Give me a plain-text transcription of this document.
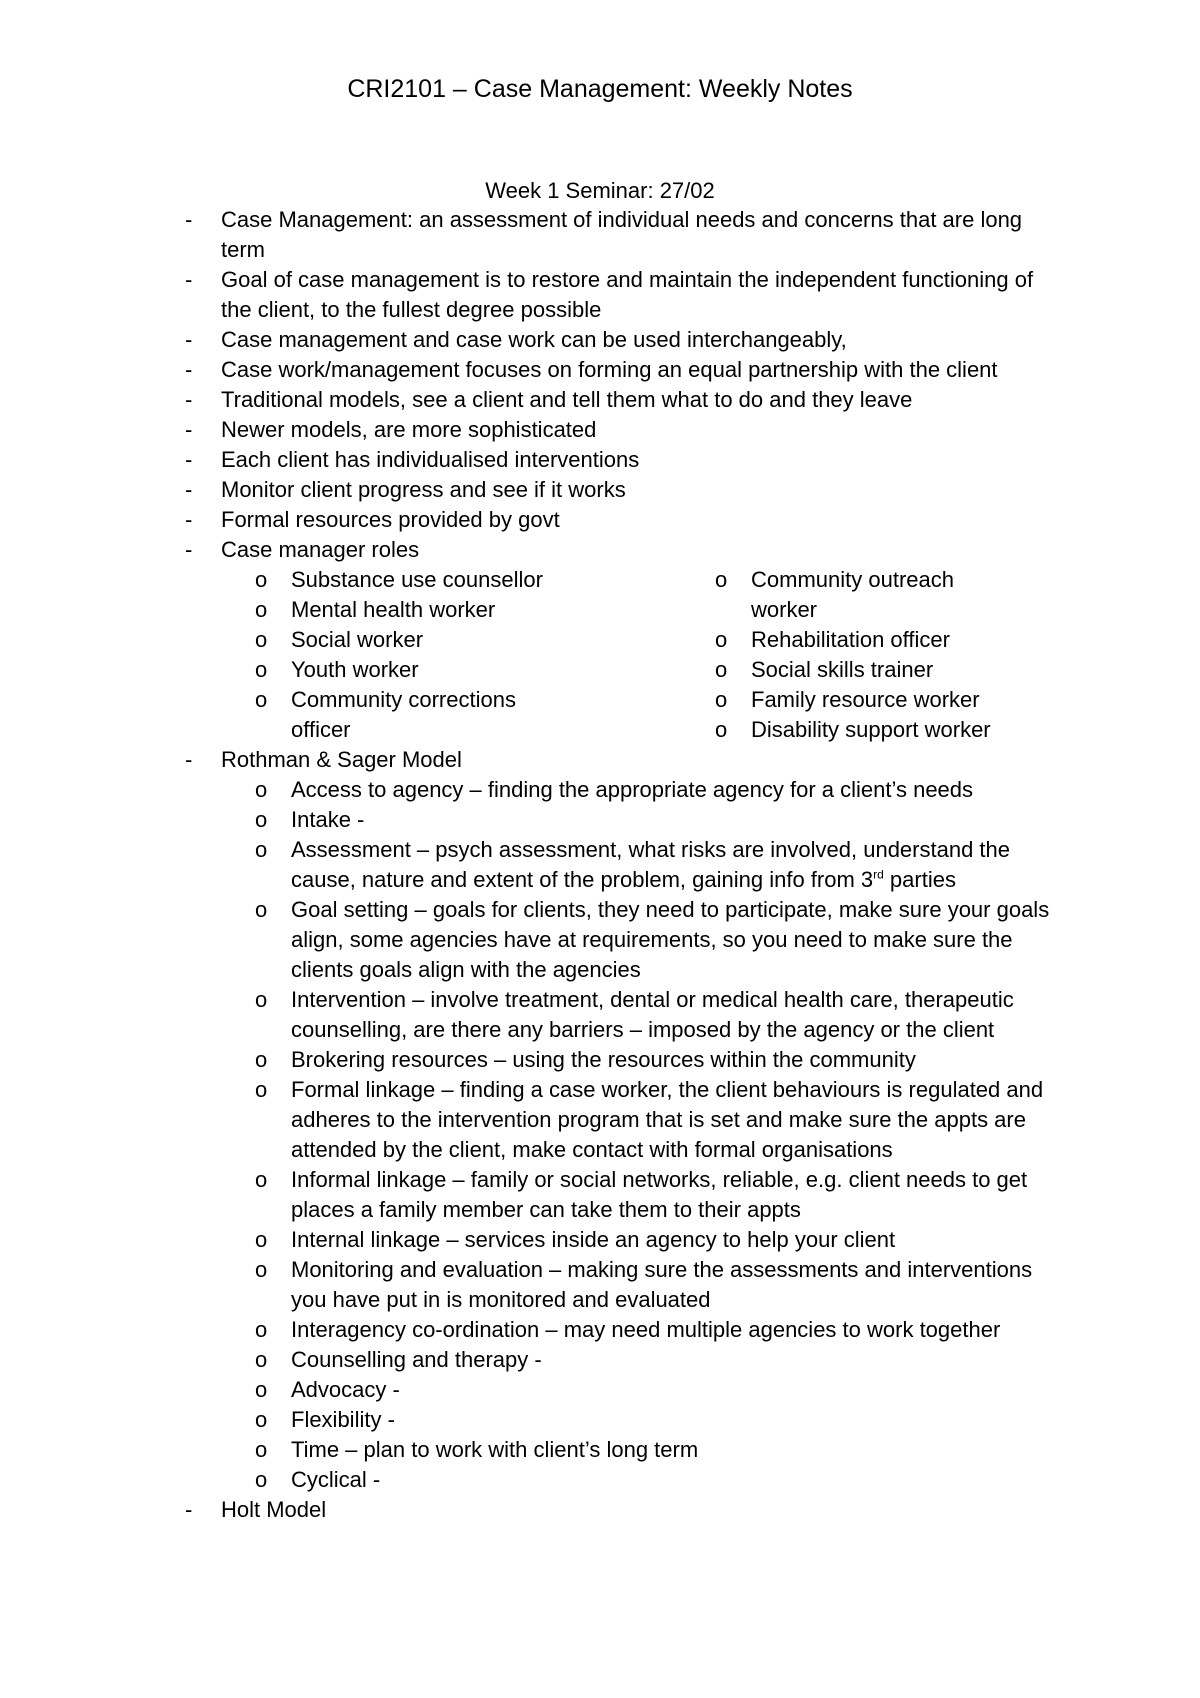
CRI2101 – Case Management: Weekly Notes
Week 1 Seminar: 27/02
-	Case Management: an assessment of individual needs and concerns that are long term
-	Goal of case management is to restore and maintain the independent functioning of the client, to the fullest degree possible
-	Case management and case work can be used interchangeably,
-	Case work/management focuses on forming an equal partnership with the client
-	Traditional models, see a client and tell them what to do and they leave
-	Newer models, are more sophisticated
-	Each client has individualised interventions
-	Monitor client progress and see if it works
-	Formal resources provided by govt
-	Case manager roles
o	Substance use counsellor
o	Mental health worker
o	Social worker
o	Youth worker
o	Community corrections officer
o	Community outreach worker
o	Rehabilitation officer
o	Social skills trainer
o	Family resource worker
o	Disability support worker
-	Rothman & Sager Model
o	Access to agency – finding the appropriate agency for a client’s needs
o	Intake -
o	Assessment – psych assessment, what risks are involved, understand the cause, nature and extent of the problem, gaining info from 3rd parties
o	Goal setting – goals for clients, they need to participate, make sure your goals align, some agencies have at requirements, so you need to make sure the clients goals align with the agencies
o	Intervention – involve treatment, dental or medical health care, therapeutic counselling, are there any barriers – imposed by the agency or the client
o	Brokering resources – using the resources within the community
o	Formal linkage – finding a case worker, the client behaviours is regulated and adheres to the intervention program that is set and make sure the appts are attended by the client, make contact with formal organisations
o	Informal linkage – family or social networks, reliable, e.g. client needs to get places a family member can take them to their appts
o	Internal linkage – services inside an agency to help your client
o	Monitoring and evaluation – making sure the assessments and interventions you have put in is monitored and evaluated
o	Interagency co-ordination – may need multiple agencies to work together
o	Counselling and therapy -
o	Advocacy -
o	Flexibility -
o	Time – plan to work with client’s long term
o	Cyclical -
-	Holt Model
